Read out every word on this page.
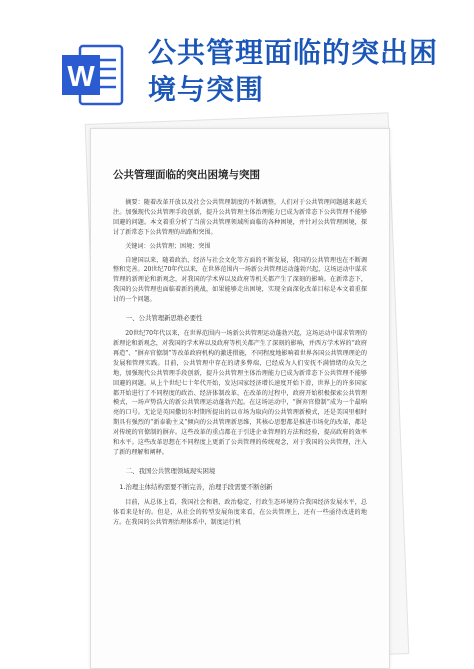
W
公共管理面临的突出困境与突围
公共管理面临的突出困境与突围

摘要：随着改革开放以及社会公共管理制度的不断调整，人们对于公共管理问题越来越关注。加强现代公共管理手段创新，提升公共管理主体治理能力已成为新常态下公共管理不能够回避的问题。本文着重分析了当前公共管理领域所面临的各种困境，并针对公共管理困境，探讨了新常态下公共管理的出路和突围。

关键词：公共管理；困境；突围

自建国以来，随着政治、经济与社会文化等方面的不断发展，我国的公共管理也在不断调整和完善。20世纪70年代以来，在世界范围内一场新公共管理运动蓬勃兴起，这场运动中谋求管理的新理论和新观念，对我国的学术界以及政府等机关都产生了深刻的影响。在新常态下，我国的公共管理也面临着新的挑战，如果能够走出困境，实现全面深化改革目标是本文着重探讨的一个问题。

一、公共管理新思维必要性

20世纪70年代以来，在世界范围内一场新公共管理运动蓬勃兴起，这场运动中谋求管理的新理论和新观念，对我国的学术界以及政府等机关都产生了深刻的影响，并西方学术界的“政府再造”、“摒弃官僚制”等改革政府机构的激进措施，不同程度地影响着世界各国公共管理理论的发展和管理实践。目前，公共管理中存在的诸多弊端，已经成为人们安抚不满情绪的众矢之地，加强现代公共管理手段创新，提升公共管理主体治理能力已成为新常态下公共管理不能够回避的问题。从上个世纪七十年代开始，发达国家经济增长速度开始下滑，世界上的许多国家都开始进行了不同程度的政治、经济体制改革，在改革的过程中，政府开始积极探索公共管理模式，一场声势浩大的新公共管理运动蓬勃兴起。在这场运动中，“摒弃官僚制”成为一个最响亮的口号。无论是英国撒切尔时期所提出的以市场为取向的公共管理新模式，还是美国里根时期具有强烈的“新泰勒主义”倾向的公共管理新思维，其核心思想都是推进市场化的改革，都是对传统的官僚制的摒弃。这些改革的重点都在于引进企业管理的方法和经验，提高政府的效率和水平。这些改革思想在不同程度上更新了公共管理的传统观念，对于我国的公共管理，注入了新的理解和阐释。

二、我国公共管理领域现实困境
1.治理主体结构需要不断完善，治理手段需要不断创新

目前，从总体上看，我国社会和谐，政治稳定，行政生态环境符合我国经济发展水平，总体看来是好的。但是，从社会的转型发展角度来看，在公共管理上，还有一些亟待改进的地方。在我国的公共管理治理体系中，制度运行机
